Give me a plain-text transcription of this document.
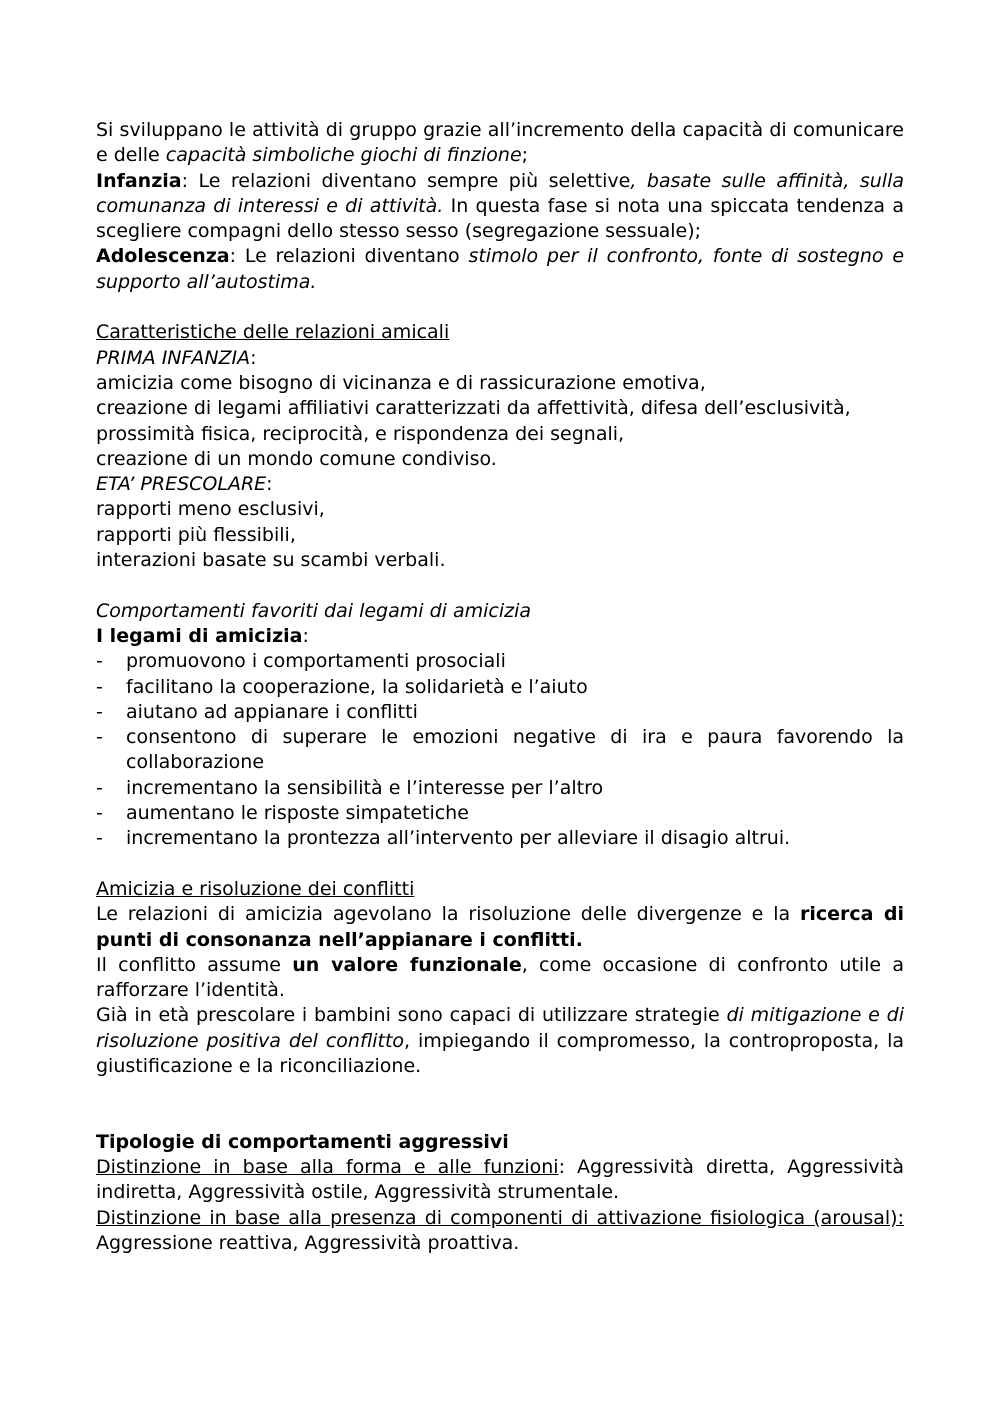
Si sviluppano le attività di gruppo grazie all’incremento della capacità di comunicare e delle capacità simboliche giochi di finzione;

Infanzia: Le relazioni diventano sempre più selettive, basate sulle affinità, sulla comunanza di interessi e di attività. In questa fase si nota una spiccata tendenza a scegliere compagni dello stesso sesso (segregazione sessuale);

Adolescenza: Le relazioni diventano stimolo per il confronto, fonte di sostegno e supporto all’autostima.

Caratteristiche delle relazioni amicali

PRIMA INFANZIA:

amicizia come bisogno di vicinanza e di rassicurazione emotiva,

creazione di legami affiliativi caratterizzati da affettività, difesa dell’esclusività, prossimità fisica, reciprocità, e rispondenza dei segnali,

creazione di un mondo comune condiviso.

ETA’ PRESCOLARE:

rapporti meno esclusivi,

rapporti più flessibili,

interazioni basate su scambi verbali.

Comportamenti favoriti dai legami di amicizia

I legami di amicizia:

- promuovono i comportamenti prosociali
- facilitano la cooperazione, la solidarietà e l’aiuto
- aiutano ad appianare i conflitti
- consentono di superare le emozioni negative di ira e paura favorendo la collaborazione
- incrementano la sensibilità e l’interesse per l’altro
- aumentano le risposte simpatetiche
- incrementano la prontezza all’intervento per alleviare il disagio altrui.

Amicizia e risoluzione dei conflitti

Le relazioni di amicizia agevolano la risoluzione delle divergenze e la ricerca di punti di consonanza nell’appianare i conflitti.

Il conflitto assume un valore funzionale, come occasione di confronto utile a rafforzare l’identità.

Già in età prescolare i bambini sono capaci di utilizzare strategie di mitigazione e di risoluzione positiva del conflitto, impiegando il compromesso, la controproposta, la giustificazione e la riconciliazione.

Tipologie di comportamenti aggressivi

Distinzione in base alla forma e alle funzioni: Aggressività diretta, Aggressività indiretta, Aggressività ostile, Aggressività strumentale.

Distinzione in base alla presenza di componenti di attivazione fisiologica (arousal): Aggressione reattiva, Aggressività proattiva.
